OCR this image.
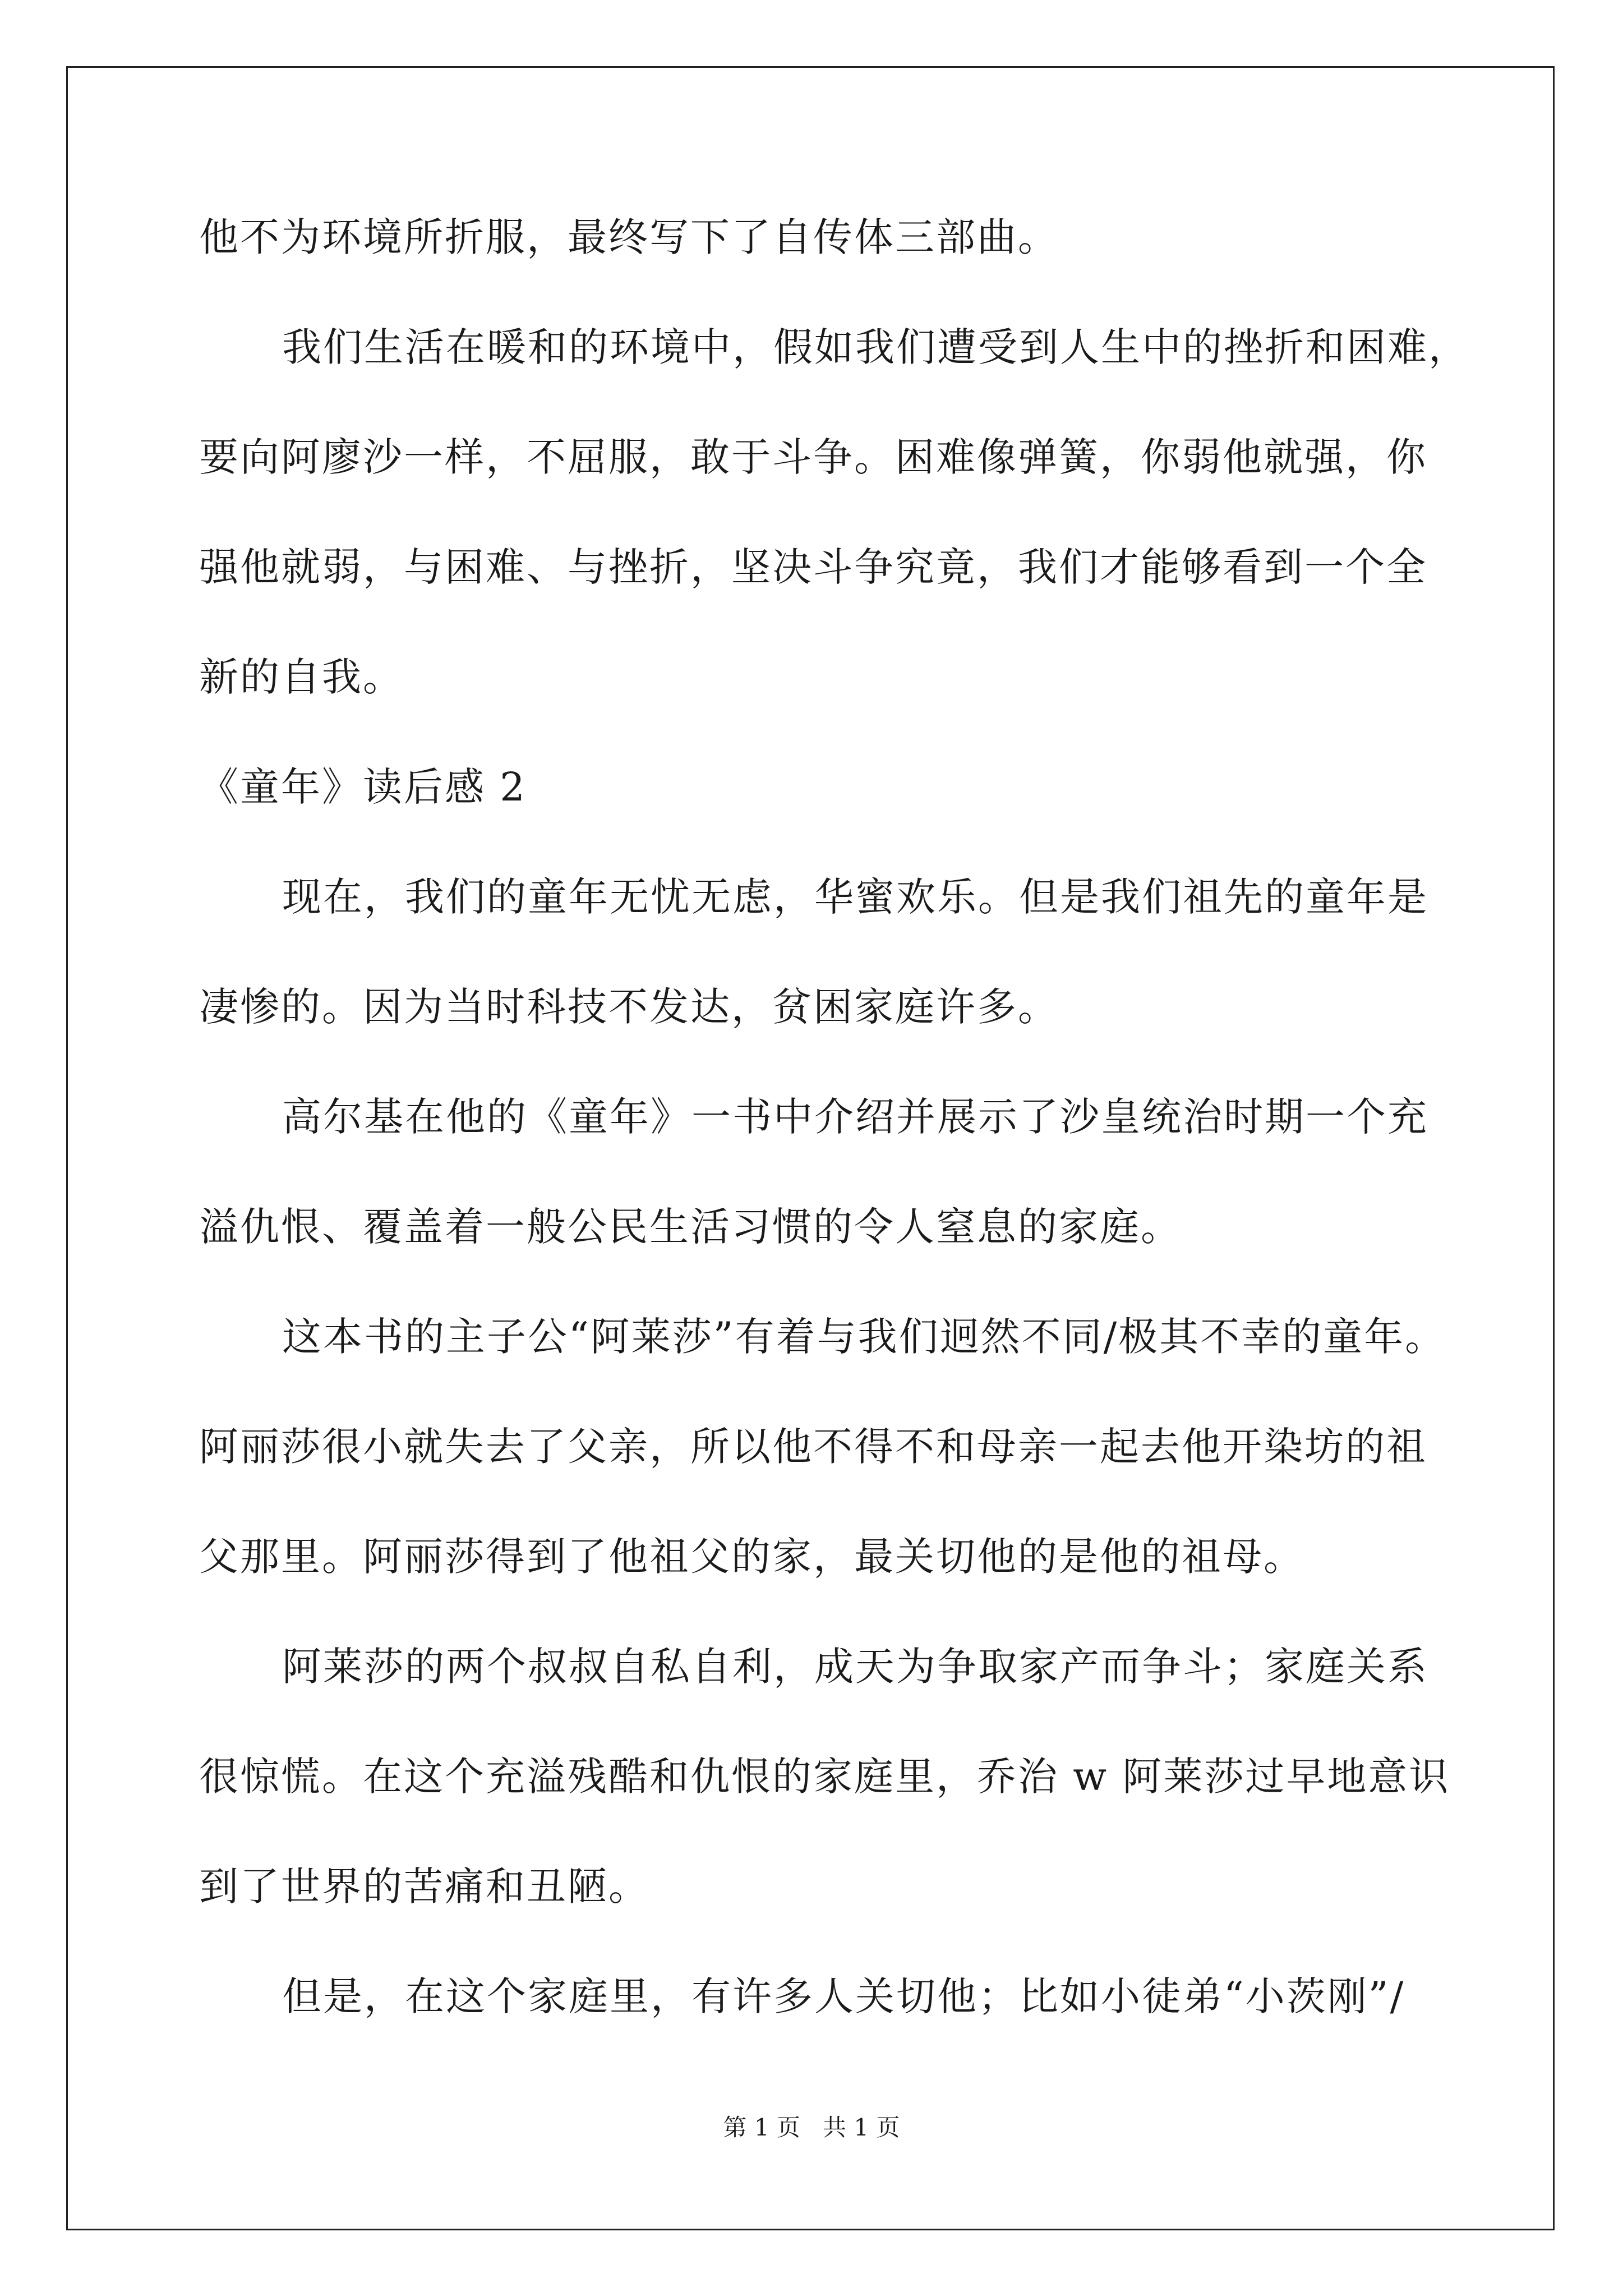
他不为环境所折服，最终写下了自传体三部曲。
我们生活在暖和的环境中，假如我们遭受到人生中的挫折和困难，
要向阿廖沙一样，不屈服，敢于斗争。困难像弹簧，你弱他就强，你
强他就弱，与困难、与挫折，坚决斗争究竟，我们才能够看到一个全
新的自我。
《童年》读后感 2
现在，我们的童年无忧无虑，华蜜欢乐。但是我们祖先的童年是
凄惨的。因为当时科技不发达，贫困家庭许多。
高尔基在他的《童年》一书中介绍并展示了沙皇统治时期一个充
溢仇恨、覆盖着一般公民生活习惯的令人窒息的家庭。
这本书的主子公“阿莱莎”有着与我们迥然不同/极其不幸的童年。
阿丽莎很小就失去了父亲，所以他不得不和母亲一起去他开染坊的祖
父那里。阿丽莎得到了他祖父的家，最关切他的是他的祖母。
阿莱莎的两个叔叔自私自利，成天为争取家产而争斗；家庭关系
很惊慌。在这个充溢残酷和仇恨的家庭里，乔治 w 阿莱莎过早地意识
到了世界的苦痛和丑陋。
但是，在这个家庭里，有许多人关切他；比如小徒弟“小茨刚”/
第 1 页   共 1 页
